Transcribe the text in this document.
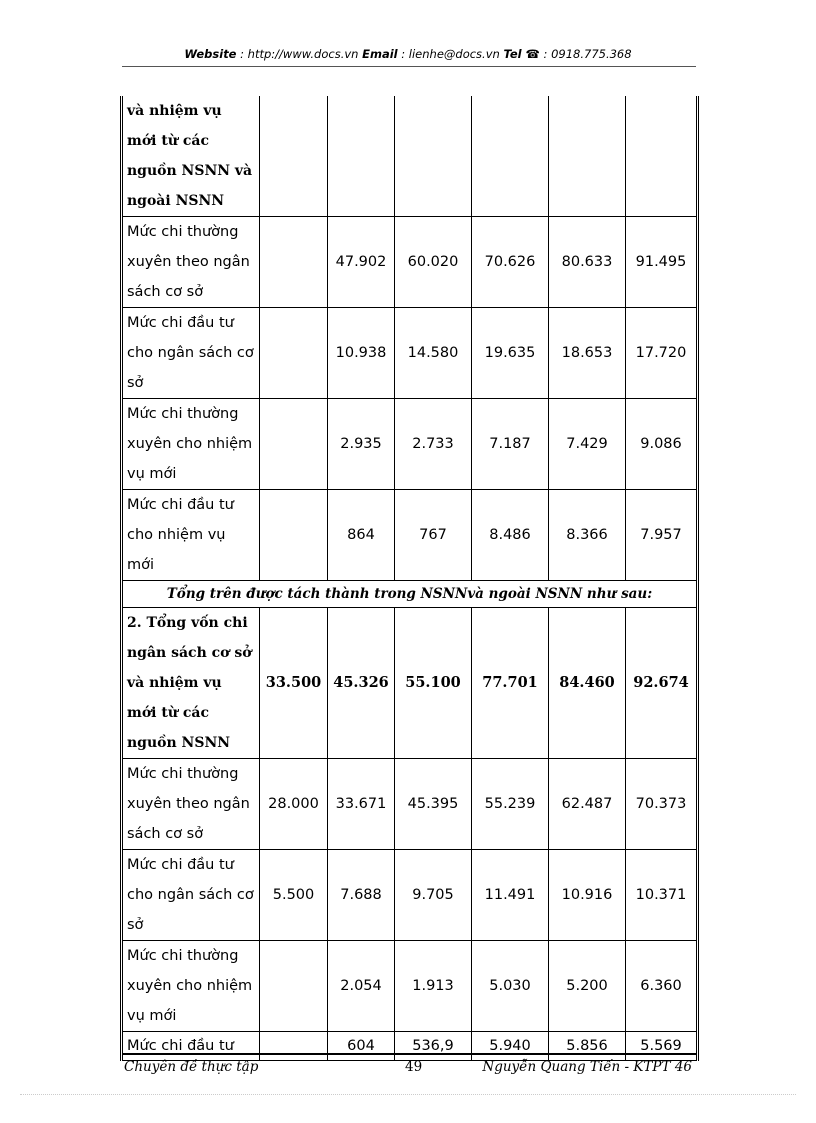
Website : http://www.docs.vn Email : lienhe@docs.vn Tel ☎ : 0918.775.368
và nhiệm vụ mới từ các nguồn NSNN và ngoài NSNN						
Mức chi thường xuyên theo ngân sách cơ sở		47.902	60.020	70.626	80.633	91.495
Mức chi đầu tư cho ngân sách cơ sở		10.938	14.580	19.635	18.653	17.720
Mức chi thường xuyên cho nhiệm vụ mới		2.935	2.733	7.187	7.429	9.086
Mức chi đầu tư cho nhiệm vụ mới		864	767	8.486	8.366	7.957
Tổng trên được tách thành trong NSNNvà ngoài NSNN như sau:						
2. Tổng vốn chi ngân sách cơ sở và nhiệm vụ mới từ các nguồn NSNN	33.500	45.326	55.100	77.701	84.460	92.674
Mức chi thường xuyên theo ngân sách cơ sở	28.000	33.671	45.395	55.239	62.487	70.373
Mức chi đầu tư cho ngân sách cơ sở	5.500	7.688	9.705	11.491	10.916	10.371
Mức chi thường xuyên cho nhiệm vụ mới		2.054	1.913	5.030	5.200	6.360
Mức chi đầu tư		604	536,9	5.940	5.856	5.569
Chuyên đề thực tập	49	Nguyễn Quang Tiến - KTPT 46
